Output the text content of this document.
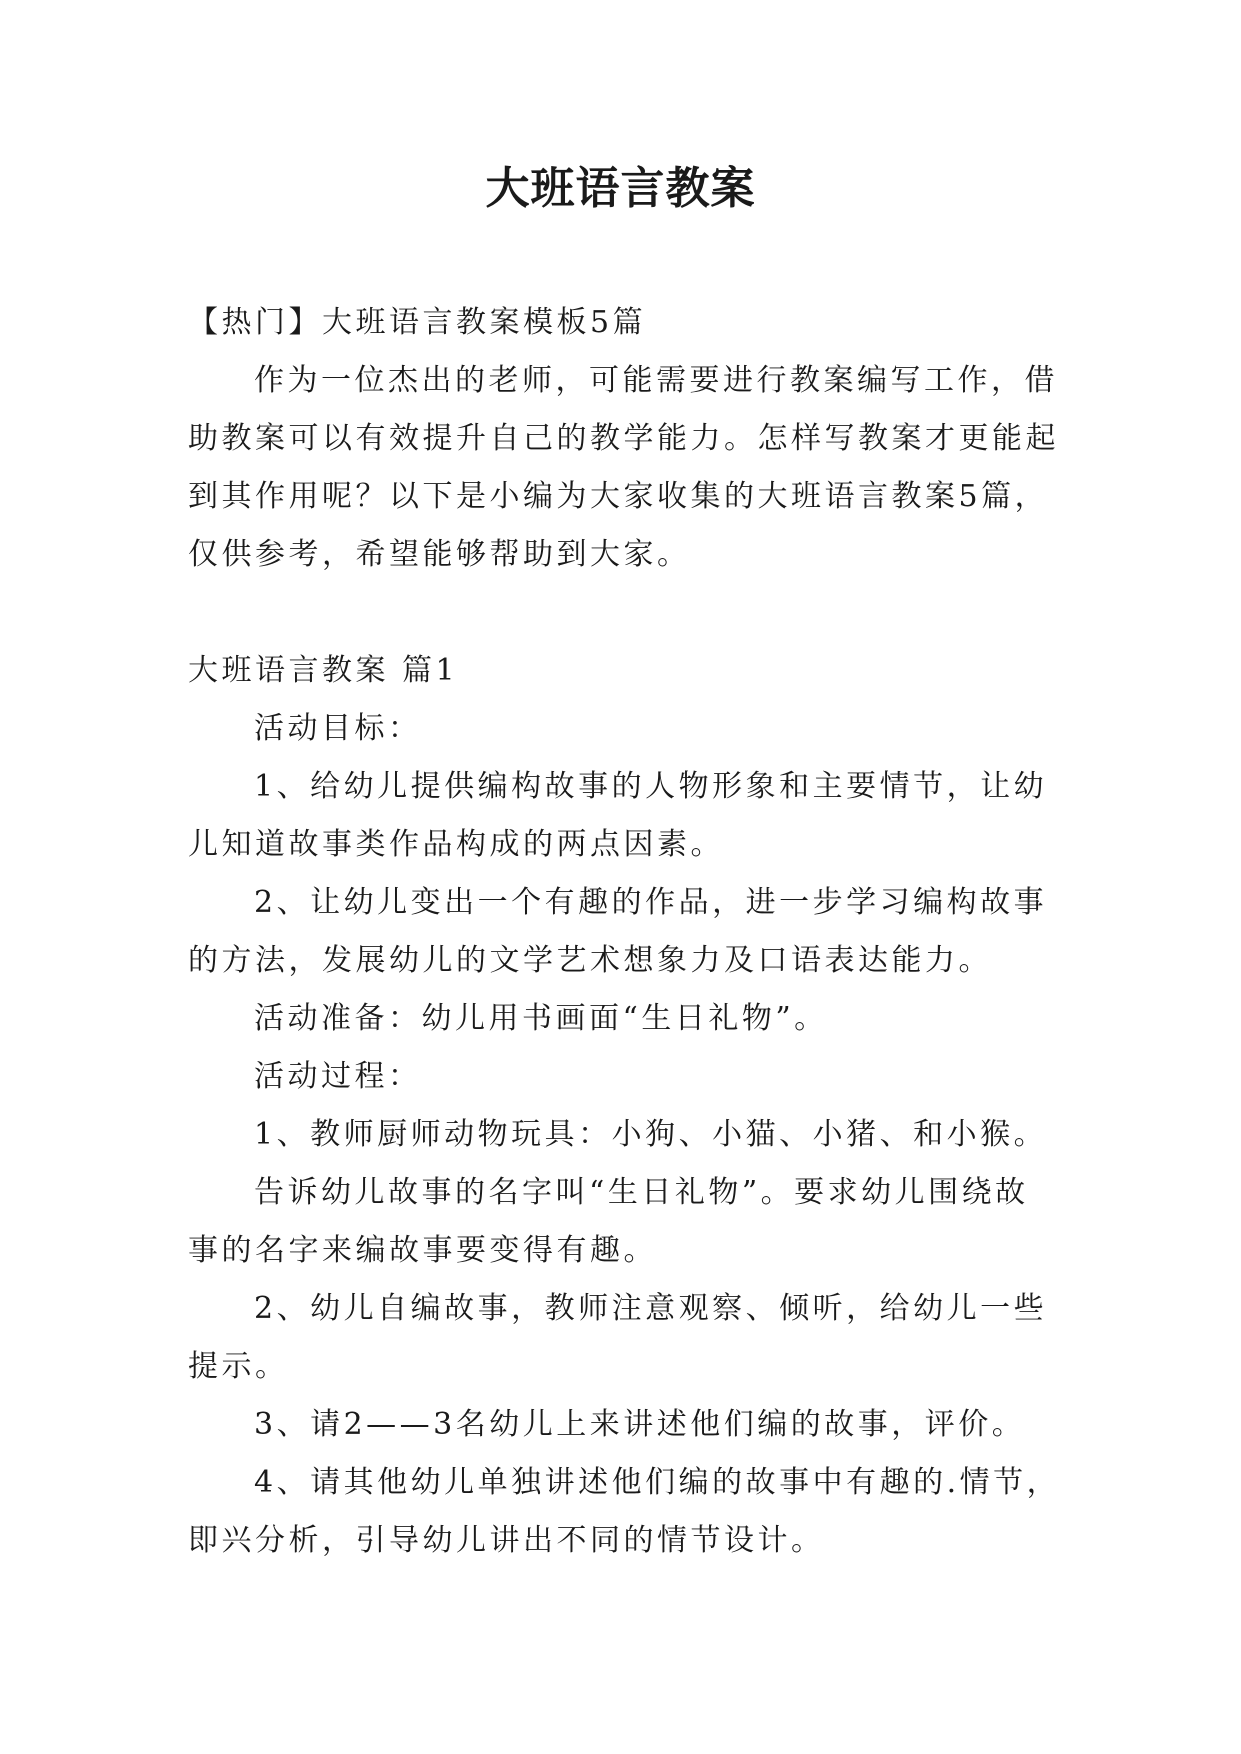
大班语言教案

【热门】大班语言教案模板5篇

作为一位杰出的老师，可能需要进行教案编写工作，借

助教案可以有效提升自己的教学能力。怎样写教案才更能起

到其作用呢？以下是小编为大家收集的大班语言教案5篇，

仅供参考，希望能够帮助到大家。

大班语言教案 篇1

活动目标：

1、给幼儿提供编构故事的人物形象和主要情节，让幼

儿知道故事类作品构成的两点因素。

2、让幼儿变出一个有趣的作品，进一步学习编构故事

的方法，发展幼儿的文学艺术想象力及口语表达能力。

活动准备：幼儿用书画面“生日礼物”。

活动过程：

1、教师厨师动物玩具：小狗、小猫、小猪、和小猴。

告诉幼儿故事的名字叫“生日礼物”。要求幼儿围绕故

事的名字来编故事要变得有趣。

2、幼儿自编故事，教师注意观察、倾听，给幼儿一些

提示。

3、请2——3名幼儿上来讲述他们编的故事，评价。

4、请其他幼儿单独讲述他们编的故事中有趣的.情节，

即兴分析，引导幼儿讲出不同的情节设计。
